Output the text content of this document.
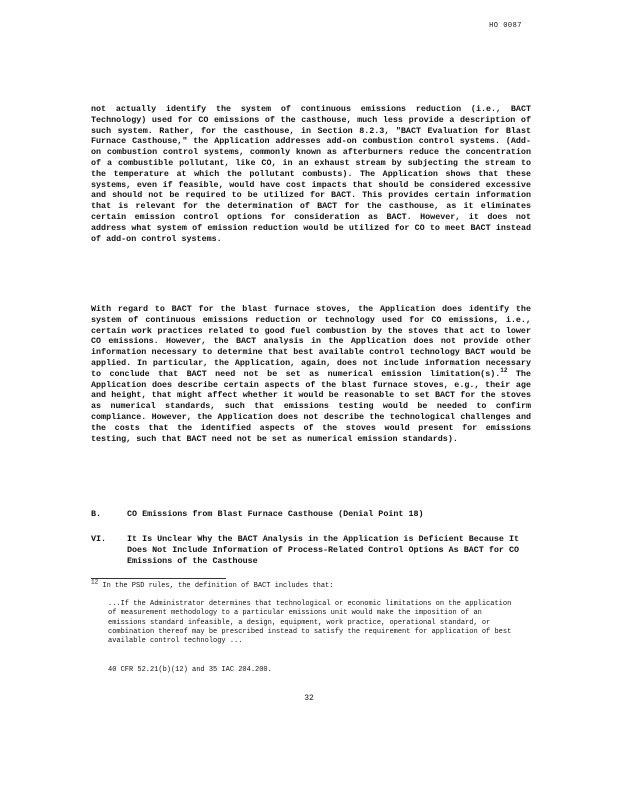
HO 0087
not actually identify the system of continuous emissions reduction (i.e., BACT Technology) used for CO emissions of the casthouse, much less provide a description of such system. Rather, for the casthouse, in Section 8.2.3, "BACT Evaluation for Blast Furnace Casthouse," the Application addresses add-on combustion control systems. (Add-on combustion control systems, commonly known as afterburners reduce the concentration of a combustible pollutant, like CO, in an exhaust stream by subjecting the stream to the temperature at which the pollutant combusts). The Application shows that these systems, even if feasible, would have cost impacts that should be considered excessive and should not be required to be utilized for BACT. This provides certain information that is relevant for the determination of BACT for the casthouse, as it eliminates certain emission control options for consideration as BACT. However, it does not address what system of emission reduction would be utilized for CO to meet BACT instead of add-on control systems.
With regard to BACT for the blast furnace stoves, the Application does identify the system of continuous emissions reduction or technology used for CO emissions, i.e., certain work practices related to good fuel combustion by the stoves that act to lower CO emissions. However, the BACT analysis in the Application does not provide other information necessary to determine that best available control technology BACT would be applied. In particular, the Application, again, does not include information necessary to conclude that BACT need not be set as numerical emission limitation(s).$^{12}$ The Application does describe certain aspects of the blast furnace stoves, e.g., their age and height, that might affect whether it would be reasonable to set BACT for the stoves as numerical standards, such that emissions testing would be needed to confirm compliance. However, the Application does not describe the technological challenges and the costs that the identified aspects of the stoves would present for emissions testing, such that BACT need not be set as numerical emission standards).
B.	CO Emissions from Blast Furnace Casthouse (Denial Point 18)
VI. It Is Unclear Why the BACT Analysis in the Application is Deficient Because It Does Not Include Information of Process-Related Control Options As BACT for CO Emissions of the Casthouse
$^{12}$ In the PSD rules, the definition of BACT includes that:
...If the Administrator determines that technological or economic limitations on the application of measurement methodology to a particular emissions unit would make the imposition of an emissions standard infeasible, a design, equipment, work practice, operational standard, or combination thereof may be prescribed instead to satisfy the requirement for application of best available control technology ...
40 CFR 52.21(b)(12) and 35 IAC 204.200.
32
